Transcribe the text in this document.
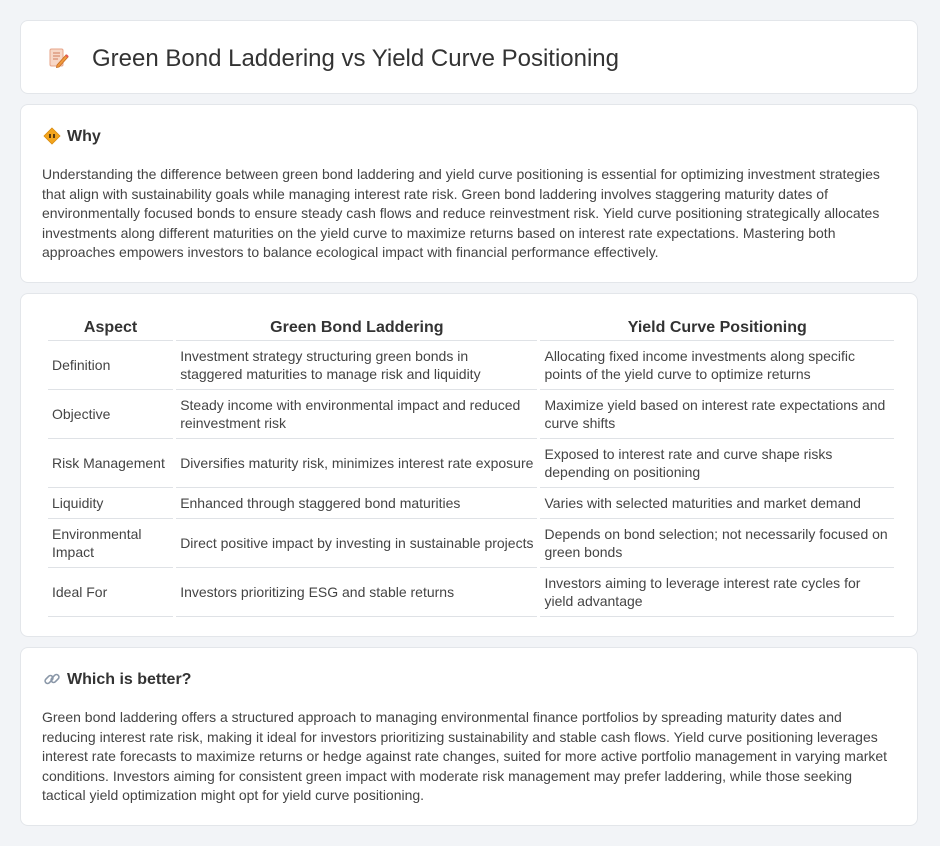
Green Bond Laddering vs Yield Curve Positioning
Why

Understanding the difference between green bond laddering and yield curve positioning is essential for optimizing investment strategies that align with sustainability goals while managing interest rate risk. Green bond laddering involves staggering maturity dates of environmentally focused bonds to ensure steady cash flows and reduce reinvestment risk. Yield curve positioning strategically allocates investments along different maturities on the yield curve to maximize returns based on interest rate expectations. Mastering both approaches empowers investors to balance ecological impact with financial performance effectively.

Aspect	Green Bond Laddering	Yield Curve Positioning
Definition	Investment strategy structuring green bonds in staggered maturities to manage risk and liquidity	Allocating fixed income investments along specific points of the yield curve to optimize returns
Objective	Steady income with environmental impact and reduced reinvestment risk	Maximize yield based on interest rate expectations and curve shifts
Risk Management	Diversifies maturity risk, minimizes interest rate exposure	Exposed to interest rate and curve shape risks depending on positioning
Liquidity	Enhanced through staggered bond maturities	Varies with selected maturities and market demand
Environmental Impact	Direct positive impact by investing in sustainable projects	Depends on bond selection; not necessarily focused on green bonds
Ideal For	Investors prioritizing ESG and stable returns	Investors aiming to leverage interest rate cycles for yield advantage
Which is better?

Green bond laddering offers a structured approach to managing environmental finance portfolios by spreading maturity dates and reducing interest rate risk, making it ideal for investors prioritizing sustainability and stable cash flows. Yield curve positioning leverages interest rate forecasts to maximize returns or hedge against rate changes, suited for more active portfolio management in varying market conditions. Investors aiming for consistent green impact with moderate risk management may prefer laddering, while those seeking tactical yield optimization might opt for yield curve positioning.
